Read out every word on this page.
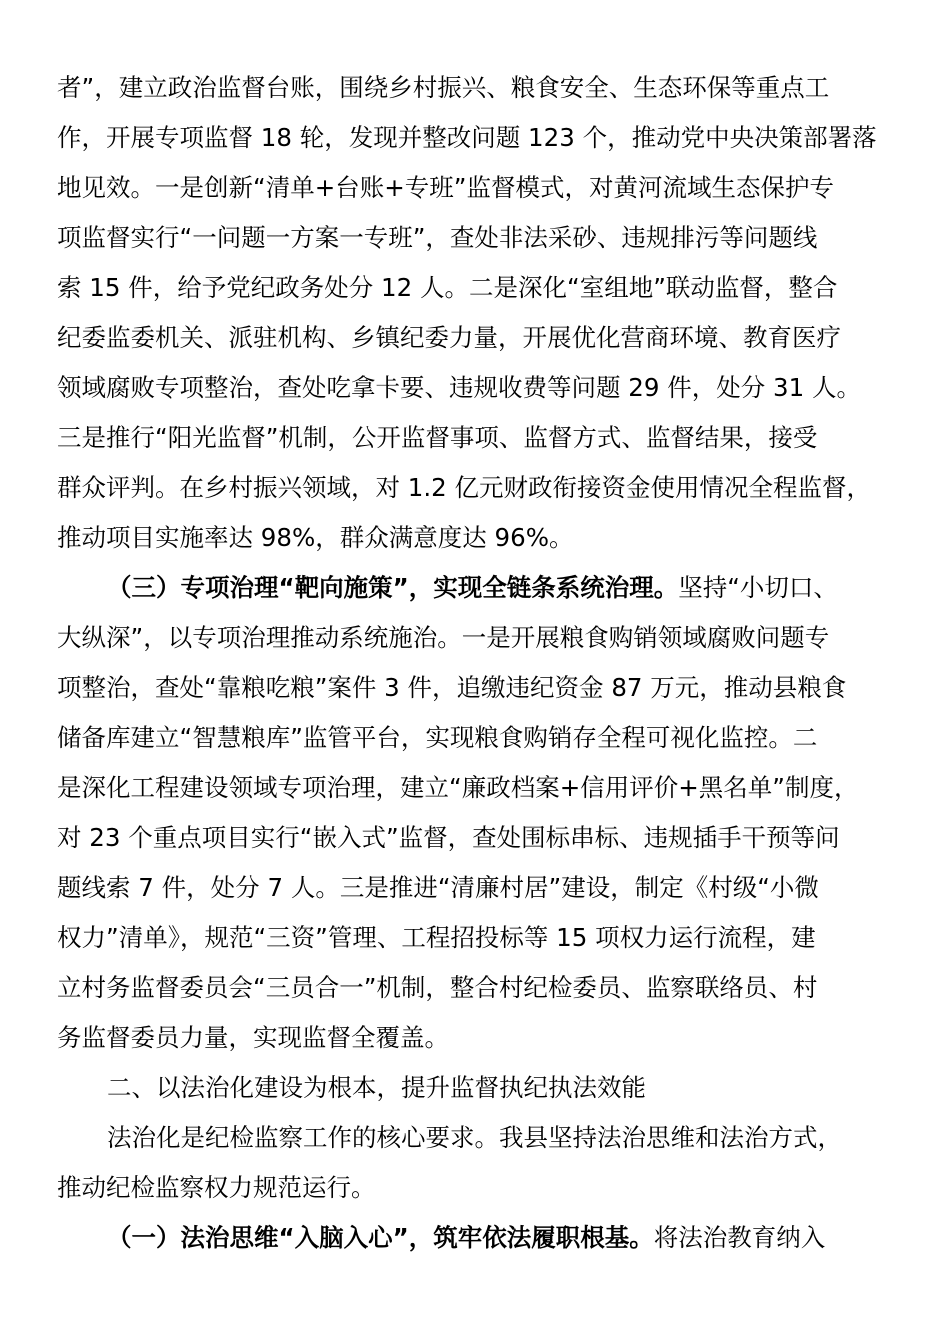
者”，建立政治监督台账，围绕乡村振兴、粮食安全、生态环保等重点工
作，开展专项监督 18 轮，发现并整改问题 123 个，推动党中央决策部署落
地见效。一是创新“清单+台账+专班”监督模式，对黄河流域生态保护专
项监督实行“一问题一方案一专班”，查处非法采砂、违规排污等问题线
索 15 件，给予党纪政务处分 12 人。二是深化“室组地”联动监督，整合
纪委监委机关、派驻机构、乡镇纪委力量，开展优化营商环境、教育医疗
领域腐败专项整治，查处吃拿卡要、违规收费等问题 29 件，处分 31 人。
三是推行“阳光监督”机制，公开监督事项、监督方式、监督结果，接受
群众评判。在乡村振兴领域，对 1.2 亿元财政衔接资金使用情况全程监督，
推动项目实施率达 98%，群众满意度达 96%。
（三）专项治理“靶向施策”，实现全链条系统治理。坚持“小切口、
大纵深”，以专项治理推动系统施治。一是开展粮食购销领域腐败问题专
项整治，查处“靠粮吃粮”案件 3 件，追缴违纪资金 87 万元，推动县粮食
储备库建立“智慧粮库”监管平台，实现粮食购销存全程可视化监控。二
是深化工程建设领域专项治理，建立“廉政档案+信用评价+黑名单”制度，
对 23 个重点项目实行“嵌入式”监督，查处围标串标、违规插手干预等问
题线索 7 件，处分 7 人。三是推进“清廉村居”建设，制定《村级“小微
权力”清单》，规范“三资”管理、工程招投标等 15 项权力运行流程，建
立村务监督委员会“三员合一”机制，整合村纪检委员、监察联络员、村
务监督委员力量，实现监督全覆盖。
二、以法治化建设为根本，提升监督执纪执法效能
法治化是纪检监察工作的核心要求。我县坚持法治思维和法治方式，
推动纪检监察权力规范运行。
（一）法治思维“入脑入心”，筑牢依法履职根基。将法治教育纳入
